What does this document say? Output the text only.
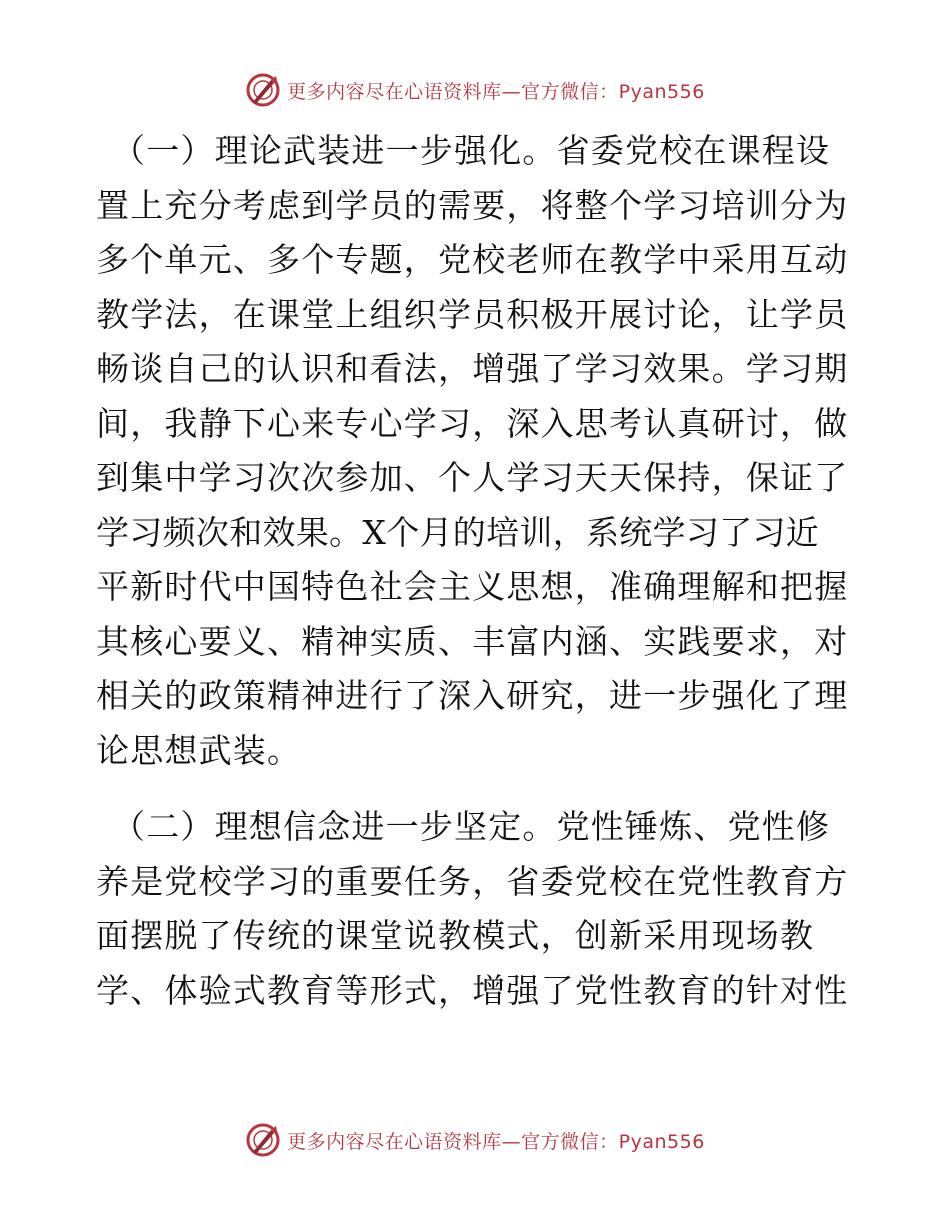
更多内容尽在心语资料库—官方微信：Pyan556
（一）理论武装进一步强化。省委党校在课程设
置上充分考虑到学员的需要，将整个学习培训分为
多个单元、多个专题，党校老师在教学中采用互动
教学法，在课堂上组织学员积极开展讨论，让学员
畅谈自己的认识和看法，增强了学习效果。学习期
间，我静下心来专心学习，深入思考认真研讨，做
到集中学习次次参加、个人学习天天保持，保证了
学习频次和效果。X个月的培训，系统学习了习近
平新时代中国特色社会主义思想，准确理解和把握
其核心要义、精神实质、丰富内涵、实践要求，对
相关的政策精神进行了深入研究，进一步强化了理
论思想武装。
（二）理想信念进一步坚定。党性锤炼、党性修
养是党校学习的重要任务，省委党校在党性教育方
面摆脱了传统的课堂说教模式，创新采用现场教
学、体验式教育等形式，增强了党性教育的针对性
更多内容尽在心语资料库—官方微信：Pyan556
